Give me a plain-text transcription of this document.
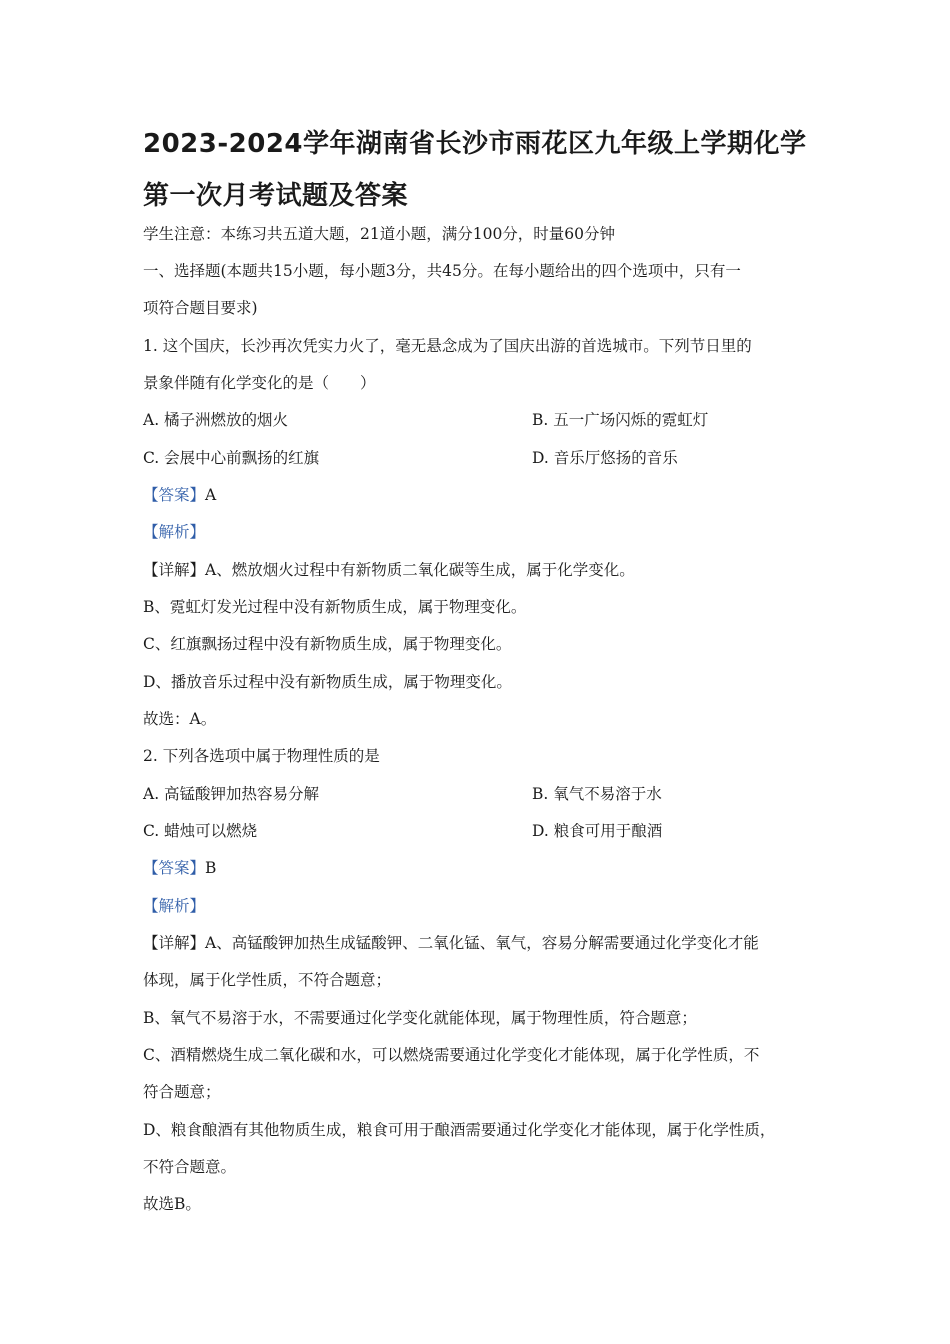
2023-2024学年湖南省长沙市雨花区九年级上学期化学第一次月考试题及答案
学生注意：本练习共五道大题，21道小题，满分100分，时量60分钟
一、选择题(本题共15小题，每小题3分，共45分。在每小题给出的四个选项中，只有一
项符合题目要求)
1. 这个国庆，长沙再次凭实力火了，毫无悬念成为了国庆出游的首选城市。下列节日里的
景象伴随有化学变化的是（　　）
A. 橘子洲燃放的烟火	B. 五一广场闪烁的霓虹灯
C. 会展中心前飘扬的红旗	D. 音乐厅悠扬的音乐
【答案】A
【解析】
【详解】A、燃放烟火过程中有新物质二氧化碳等生成，属于化学变化。
B、霓虹灯发光过程中没有新物质生成，属于物理变化。
C、红旗飘扬过程中没有新物质生成，属于物理变化。
D、播放音乐过程中没有新物质生成，属于物理变化。
故选：A。
2. 下列各选项中属于物理性质的是
A. 高锰酸钾加热容易分解	B. 氧气不易溶于水
C. 蜡烛可以燃烧	D. 粮食可用于酿酒
【答案】B
【解析】
【详解】A、高锰酸钾加热生成锰酸钾、二氧化锰、氧气，容易分解需要通过化学变化才能
体现，属于化学性质，不符合题意；
B、氧气不易溶于水，不需要通过化学变化就能体现，属于物理性质，符合题意；
C、酒精燃烧生成二氧化碳和水，可以燃烧需要通过化学变化才能体现，属于化学性质，不
符合题意；
D、粮食酿酒有其他物质生成，粮食可用于酿酒需要通过化学变化才能体现，属于化学性质，
不符合题意。
故选B。
